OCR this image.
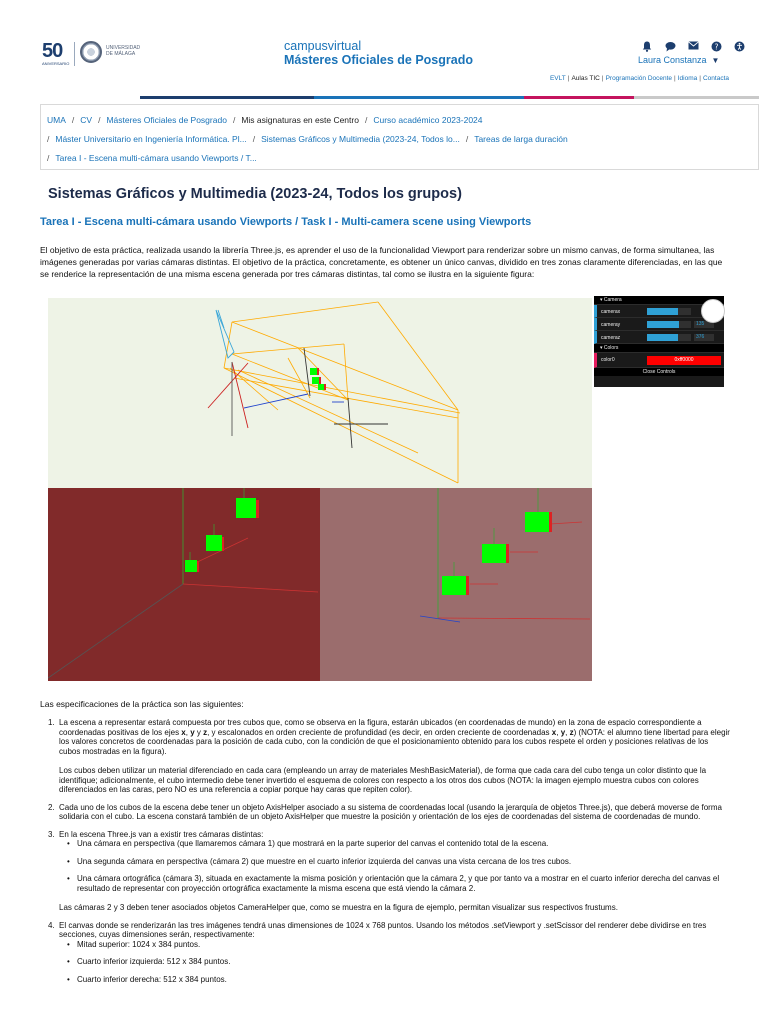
50
ANIVERSARIO
UNIVERSIDAD
DE MÁLAGA
campusvirtual
Másteres Oficiales de Posgrado
?
Laura Constanza ▼
EVLT | Aulas TIC | Programación Docente | Idioma | Contacta
UMA / CV / Másteres Oficiales de Posgrado / Mis asignaturas en este Centro / Curso académico 2023-2024
/ Máster Universitario en Ingeniería Informática. Pl... / Sistemas Gráficos y Multimedia (2023-24, Todos lo... / Tareas de larga duración
/ Tarea I - Escena multi-cámara usando Viewports / T...
Sistemas Gráficos y Multimedia (2023-24, Todos los grupos)
Tarea I - Escena multi-cámara usando Viewports / Task I - Multi-camera scene using Viewports
El objetivo de esta práctica, realizada usando la librería Three.js, es aprender el uso de la funcionalidad Viewport para renderizar sobre un mismo canvas, de forma simultanea, las imágenes generadas por varias cámaras distintas. El objetivo de la práctica, concretamente, es obtener un único canvas, dividido en tres zonas claramente diferenciadas, en las que se renderice la representación de una misma escena generada por tres cámaras distintas, tal como se ilustra en la siguiente figura:
▾ Camera
camerax
cameray	135
cameraz	376
▾ Colors
color0	0xff0000
Close Controls
Las especificaciones de la práctica son las siguientes:
1. La escena a representar estará compuesta por tres cubos que, como se observa en la figura, estarán ubicados (en coordenadas de mundo) en la zona de espacio correspondiente a coordenadas positivas de los ejes x, y y z, y escalonados en orden creciente de profundidad (es decir, en orden creciente de coordenadas x, y, z) (NOTA: el alumno tiene libertad para elegir los valores concretos de coordenadas para la posición de cada cubo, con la condición de que el posicionamiento obtenido para los cubos respete el orden y posiciones relativas de los cubos mostradas en la figura).
Los cubos deben utilizar un material diferenciado en cada cara (empleando un array de materiales MeshBasicMaterial), de forma que cada cara del cubo tenga un color distinto que la identifique; adicionalmente, el cubo intermedio debe tener invertido el esquema de colores con respecto a los otros dos cubos (NOTA: la imagen ejemplo muestra cubos con colores diferenciados en las caras, pero NO es una referencia a copiar porque hay caras que repiten color).
2. Cada uno de los cubos de la escena debe tener un objeto AxisHelper asociado a su sistema de coordenadas local (usando la jerarquía de objetos Three.js), que deberá moverse de forma solidaria con el cubo. La escena constará también de un objeto AxisHelper que muestre la posición y orientación de los ejes de coordenadas del sistema de coordenadas de mundo.
3. En la escena Three.js van a existir tres cámaras distintas:
• Una cámara en perspectiva (que llamaremos cámara 1) que mostrará en la parte superior del canvas el contenido total de la escena.
• Una segunda cámara en perspectiva (cámara 2) que muestre en el cuarto inferior izquierda del canvas una vista cercana de los tres cubos.
• Una cámara ortográfica (cámara 3), situada en exactamente la misma posición y orientación que la cámara 2, y que por tanto va a mostrar en el cuarto inferior derecha del canvas el resultado de representar con proyección ortográfica exactamente la misma escena que está viendo la cámara 2.
Las cámaras 2 y 3 deben tener asociados objetos CameraHelper que, como se muestra en la figura de ejemplo, permitan visualizar sus respectivos frustums.
4. El canvas donde se renderizarán las tres imágenes tendrá unas dimensiones de 1024 x 768 puntos. Usando los métodos .setViewport y .setScissor del renderer debe dividirse en tres secciones, cuyas dimensiones serán, respectivamente:
• Mitad superior: 1024 x 384 puntos.
• Cuarto inferior izquierda: 512 x 384 puntos.
• Cuarto inferior derecha: 512 x 384 puntos.
